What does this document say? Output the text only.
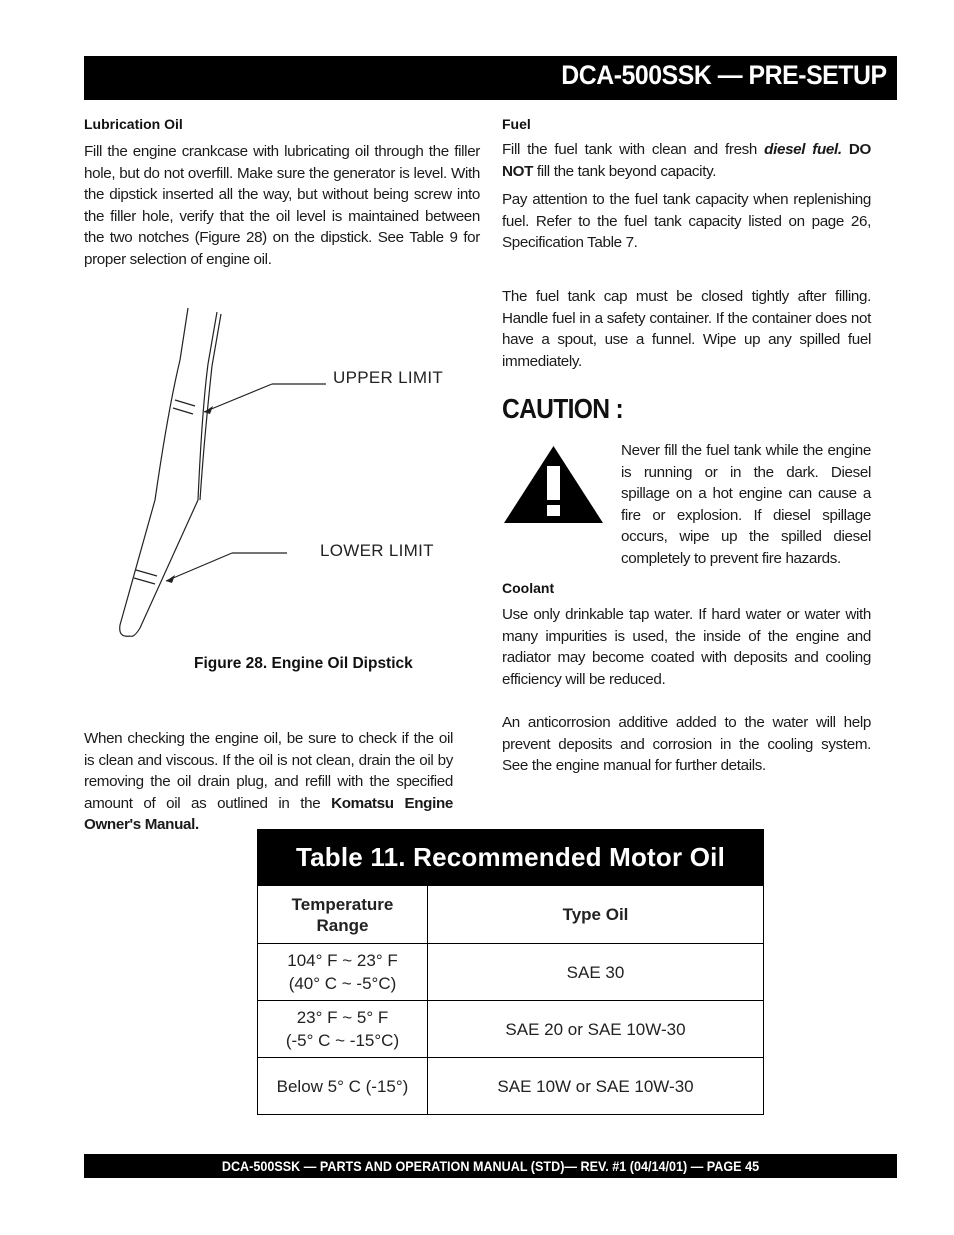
DCA-500SSK — PRE-SETUP
Lubrication Oil

Fill the engine crankcase with lubricating oil through the filler hole, but do not overfill. Make sure the generator is level. With the dipstick inserted all the way, but without being screw into the filler hole, verify that the oil level is maintained between the two notches (Figure 28) on the dipstick. See Table 9 for proper selection of engine oil.

UPPER LIMIT
LOWER LIMIT
Figure 28. Engine Oil Dipstick

When checking the engine oil, be sure to check if the oil is clean and viscous. If the oil is not clean, drain the oil by removing the oil drain plug, and refill with the specified amount of oil as outlined in the Komatsu Engine Owner's Manual.

Fuel

Fill the fuel tank with clean and fresh diesel fuel. DO NOT fill the tank beyond capacity.

Pay attention to the fuel tank capacity when replenishing fuel. Refer to the fuel tank capacity listed on page 26, Specification Table 7.

The fuel tank cap must be closed tightly after filling. Handle fuel in a safety container. If the container does not have a spout, use a funnel. Wipe up any spilled fuel immediately.

CAUTION :

Never fill the fuel tank while the engine is running or in the dark. Diesel spillage on a hot engine can cause a fire or explosion. If diesel spillage occurs, wipe up the spilled diesel completely to prevent fire hazards.

Coolant

Use only drinkable tap water. If hard water or water with many impurities is used, the inside of the engine and radiator may become coated with deposits and cooling efficiency will be reduced.

An anticorrosion additive added to the water will help prevent deposits and corrosion in the cooling system. See the engine manual for further details.

Table 11. Recommended Motor Oil
Temperature
Range	Type Oil
104° F ~ 23° F
(40° C ~ -5°C)	SAE 30
23° F ~ 5° F
(-5° C ~ -15°C)	SAE 20 or SAE 10W-30
Below 5° C (-15°)	SAE 10W or SAE 10W-30
DCA-500SSK — PARTS AND OPERATION MANUAL (STD)— REV. #1 (04/14/01) — PAGE 45
